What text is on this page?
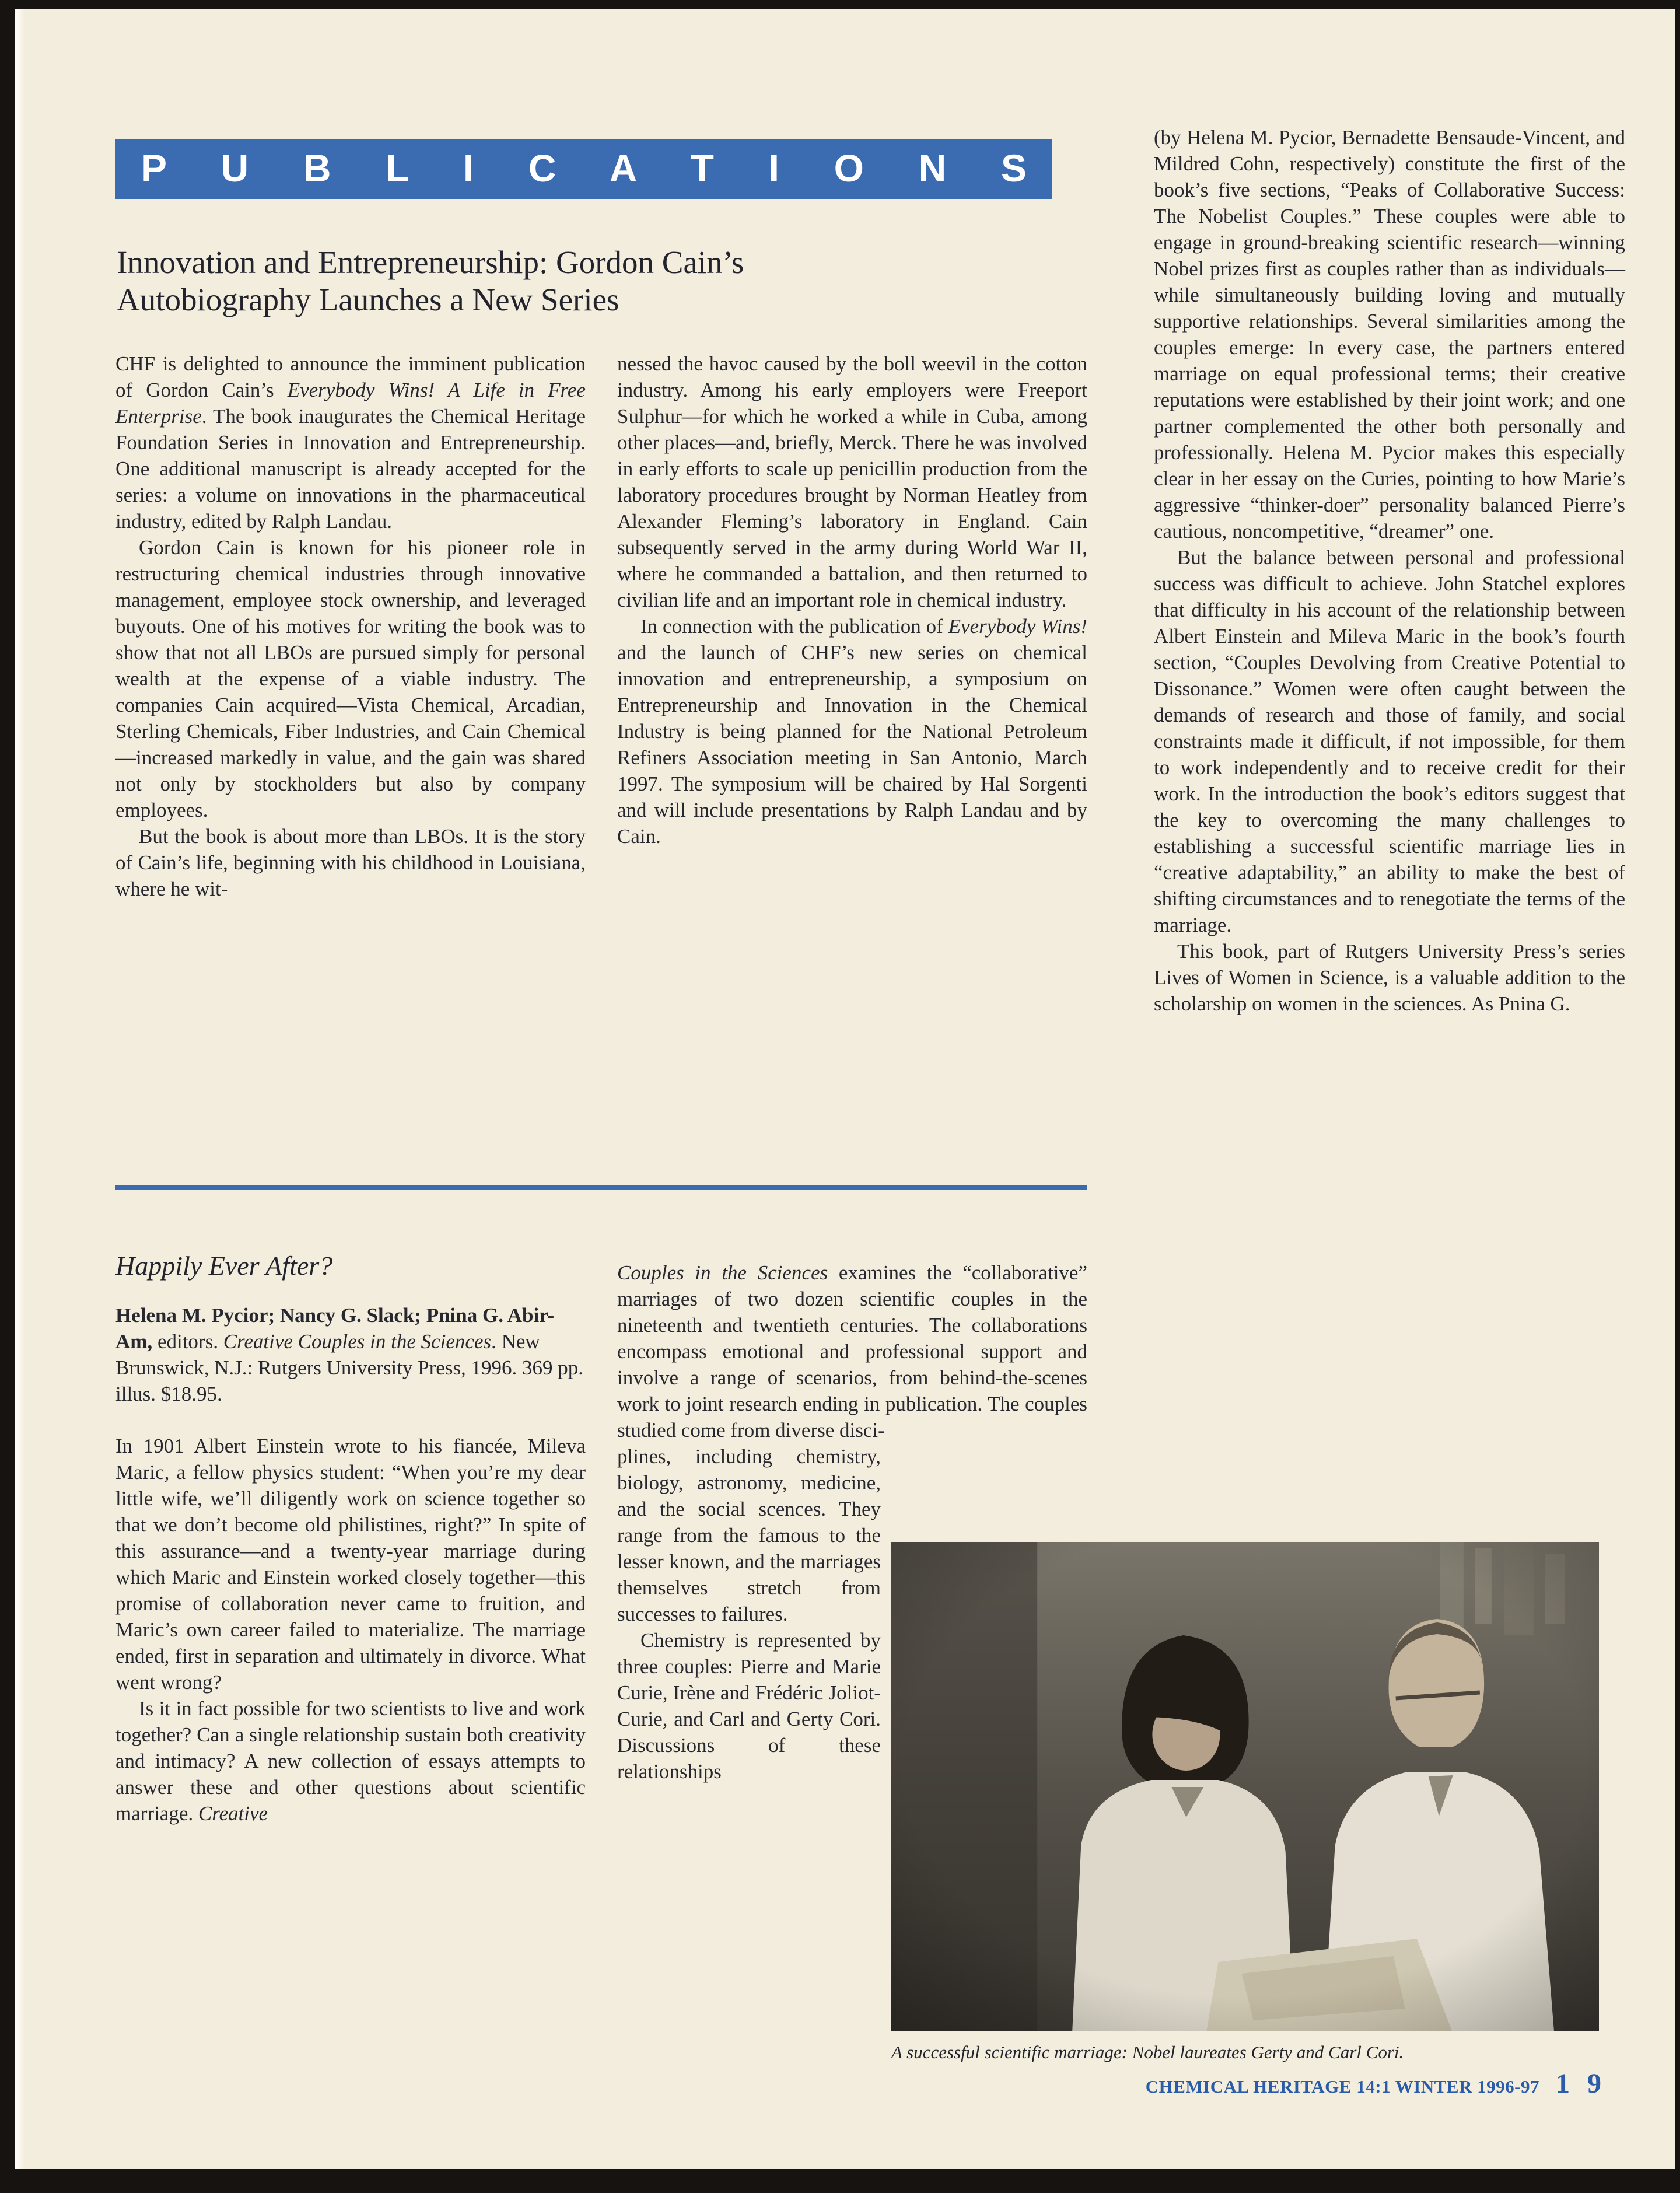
P U B L I C A T I O N S
Innovation and Entrepreneurship: Gordon Cain’s
Autobiography Launches a New Series

CHF is delighted to announce the imminent publication of Gordon Cain’s Everybody Wins! A Life in Free Enterprise. The book inaugurates the Chemical Heritage Foundation Series in Innovation and Entrepreneurship. One additional manuscript is already accepted for the series: a volume on innovations in the pharmaceutical industry, edited by Ralph Landau.

Gordon Cain is known for his pioneer role in restructuring chemical industries through innovative management, employee stock ownership, and leveraged buyouts. One of his motives for writing the book was to show that not all LBOs are pursued simply for personal wealth at the expense of a viable industry. The companies Cain acquired—Vista Chemical, Arcadian, Sterling Chemicals, Fiber Industries, and Cain Chemical—increased markedly in value, and the gain was shared not only by stockholders but also by company employees.

But the book is about more than LBOs. It is the story of Cain’s life, beginning with his childhood in Louisiana, where he wit-

nessed the havoc caused by the boll weevil in the cotton industry. Among his early employers were Freeport Sulphur—for which he worked a while in Cuba, among other places—and, briefly, Merck. There he was involved in early efforts to scale up penicillin production from the laboratory procedures brought by Norman Heatley from Alexander Fleming’s laboratory in England. Cain subsequently served in the army during World War II, where he commanded a battalion, and then returned to civilian life and an important role in chemical industry.

In connection with the publication of Everybody Wins! and the launch of CHF’s new series on chemical innovation and entrepreneurship, a symposium on Entrepreneurship and Innovation in the Chemical Industry is being planned for the National Petroleum Refiners Association meeting in San Antonio, March 1997. The symposium will be chaired by Hal Sorgenti and will include presentations by Ralph Landau and by Cain.

Happily Ever After?

Helena M. Pycior; Nancy G. Slack; Pnina G. Abir-Am, editors. Creative Couples in the Sciences. New Brunswick, N.J.: Rutgers University Press, 1996. 369 pp. illus. $18.95.

In 1901 Albert Einstein wrote to his fiancée, Mileva Maric, a fellow physics student: “When you’re my dear little wife, we’ll diligently work on science together so that we don’t become old philistines, right?” In spite of this assurance—and a twenty-year marriage during which Maric and Einstein worked closely together—this promise of collaboration never came to fruition, and Maric’s own career failed to materialize. The marriage ended, first in separation and ultimately in divorce. What went wrong?

Is it in fact possible for two scientists to live and work together? Can a single relationship sustain both creativity and intimacy? A new collection of essays attempts to answer these and other questions about scientific marriage. Creative

Couples in the Sciences examines the “collaborative” marriages of two dozen scientific couples in the nineteenth and twentieth centuries. The collaborations encompass emotional and professional support and involve a range of scenarios, from behind-the-scenes work to joint research ending in publication. The couples studied come from diverse disci-

plines, including chemistry, biology, astronomy, medicine, and the social scences. They range from the famous to the lesser known, and the marriages themselves stretch from successes to failures.

Chemistry is represented by three couples: Pierre and Marie Curie, Irène and Frédéric Joliot-Curie, and Carl and Gerty Cori. Discussions of these relationships

(by Helena M. Pycior, Bernadette Bensaude-Vincent, and Mildred Cohn, respectively) constitute the first of the book’s five sections, “Peaks of Collaborative Success: The Nobelist Couples.” These couples were able to engage in ground-breaking scientific research—winning Nobel prizes first as couples rather than as individuals—while simultaneously building loving and mutually supportive relationships. Several similarities among the couples emerge: In every case, the partners entered marriage on equal professional terms; their creative reputations were established by their joint work; and one partner complemented the other both personally and professionally. Helena M. Pycior makes this especially clear in her essay on the Curies, pointing to how Marie’s aggressive “thinker-doer” personality balanced Pierre’s cautious, noncompetitive, “dreamer” one.

But the balance between personal and professional success was difficult to achieve. John Statchel explores that difficulty in his account of the relationship between Albert Einstein and Mileva Maric in the book’s fourth section, “Couples Devolving from Creative Potential to Dissonance.” Women were often caught between the demands of research and those of family, and social constraints made it difficult, if not impossible, for them to work independently and to receive credit for their work. In the introduction the book’s editors suggest that the key to overcoming the many challenges to establishing a successful scientific marriage lies in “creative adaptability,” an ability to make the best of shifting circumstances and to renegotiate the terms of the marriage.

This book, part of Rutgers University Press’s series Lives of Women in Science, is a valuable addition to the scholarship on women in the sciences. As Pnina G.

A successful scientific marriage: Nobel laureates Gerty and Carl Cori.
CHEMICAL HERITAGE 14:1 WINTER 1996-97 1 9
